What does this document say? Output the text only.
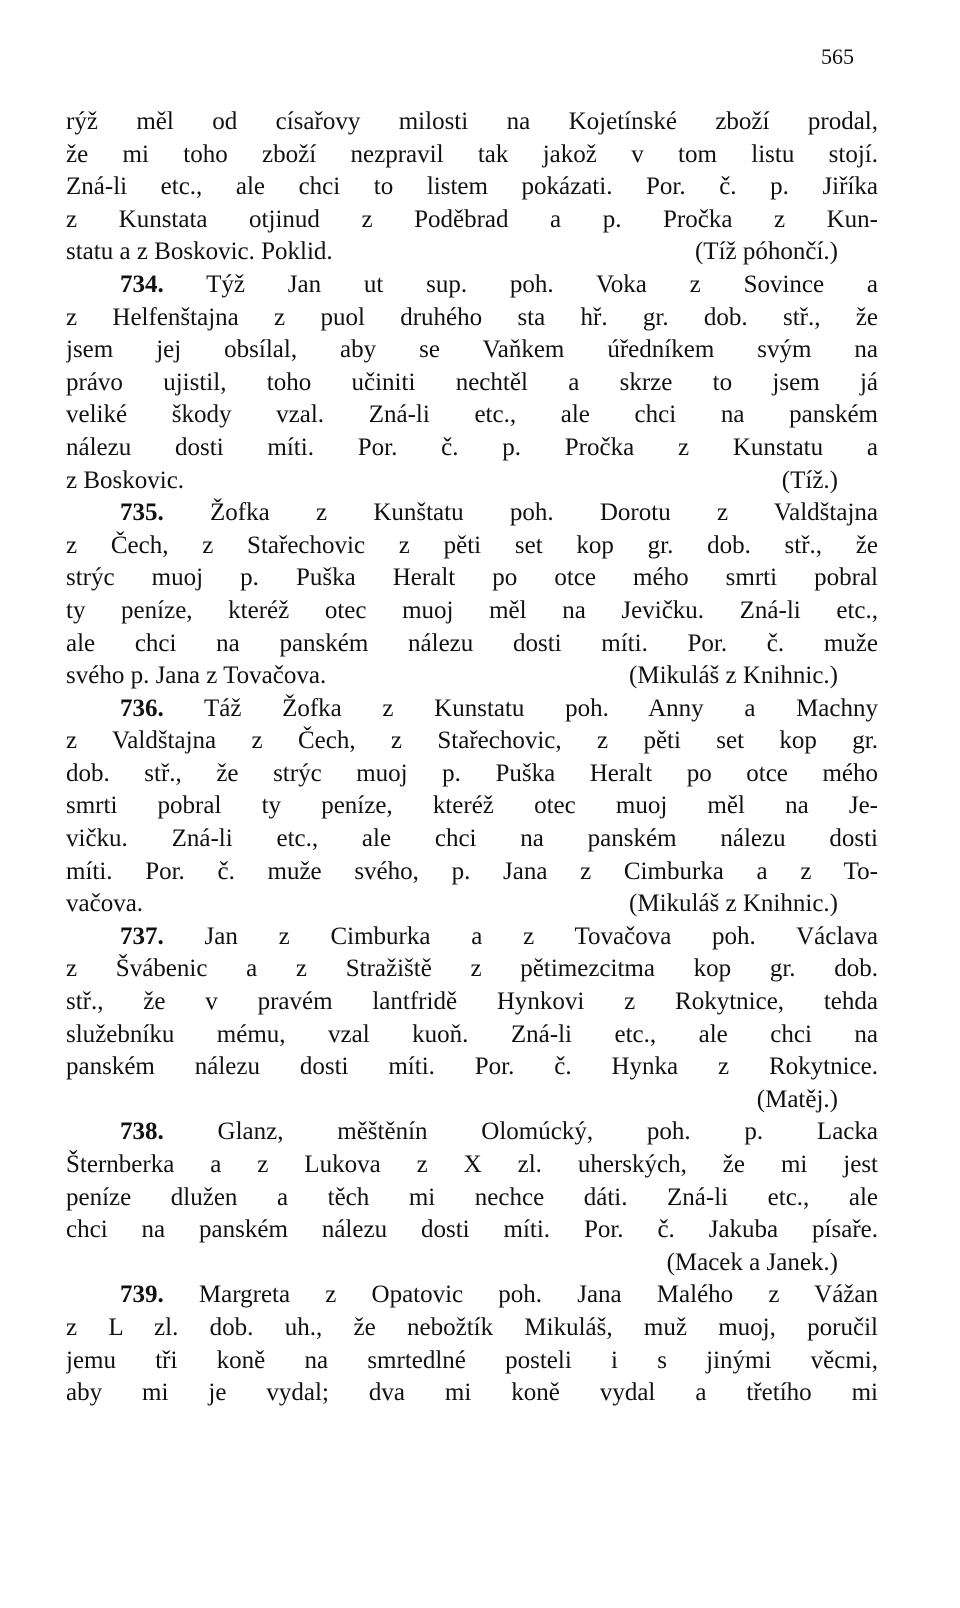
565
rýž měl od císařovy milosti na Kojetínské zboží prodal,
že mi toho zboží nezpravil tak jakož v tom listu stojí.
Zná-li etc., ale chci to listem pokázati. Por. č. p. Jiříka
z Kunstata otjinud z Poděbrad a p. Pročka z Kun-
statu a z Boskovic. Poklid.	(Tíž póhončí.)
734. Týž Jan ut sup. poh. Voka z Sovince a
z Helfenštajna z puol druhého sta hř. gr. dob. stř., že
jsem jej obsílal, aby se Vaňkem úředníkem svým na
právo ujistil, toho učiniti nechtěl a skrze to jsem já
veliké škody vzal. Zná-li etc., ale chci na panském
nálezu dosti míti. Por. č. p. Pročka z Kunstatu a
z Boskovic.	(Tíž.)
735. Žofka z Kunštatu poh. Dorotu z Valdštajna
z Čech, z Stařechovic z pěti set kop gr. dob. stř., že
strýc muoj p. Puška Heralt po otce mého smrti pobral
ty peníze, kteréž otec muoj měl na Jevičku. Zná-li etc.,
ale chci na panském nálezu dosti míti. Por. č. muže
svého p. Jana z Tovačova.	(Mikuláš z Knihnic.)
736. Táž Žofka z Kunstatu poh. Anny a Machny
z Valdštajna z Čech, z Stařechovic, z pěti set kop gr.
dob. stř., že strýc muoj p. Puška Heralt po otce mého
smrti pobral ty peníze, kteréž otec muoj měl na Je-
vičku. Zná-li etc., ale chci na panském nálezu dosti
míti. Por. č. muže svého, p. Jana z Cimburka a z To-
vačova.	(Mikuláš z Knihnic.)
737. Jan z Cimburka a z Tovačova poh. Václava
z Švábenic a z Stražiště z pětimezcitma kop gr. dob.
stř., že v pravém lantfridě Hynkovi z Rokytnice, tehda
služebníku mému, vzal kuoň. Zná-li etc., ale chci na
panském nálezu dosti míti. Por. č. Hynka z Rokytnice.
(Matěj.)
738. Glanz, měštěnín Olomúcký, poh. p. Lacka
Šternberka a z Lukova z X zl. uherských, že mi jest
peníze dlužen a těch mi nechce dáti. Zná-li etc., ale
chci na panském nálezu dosti míti. Por. č. Jakuba písaře.
(Macek a Janek.)
739. Margreta z Opatovic poh. Jana Malého z Vážan
z L zl. dob. uh., že nebožtík Mikuláš, muž muoj, poručil
jemu tři koně na smrtedlné posteli i s jinými věcmi,
aby mi je vydal; dva mi koně vydal a třetího mi
